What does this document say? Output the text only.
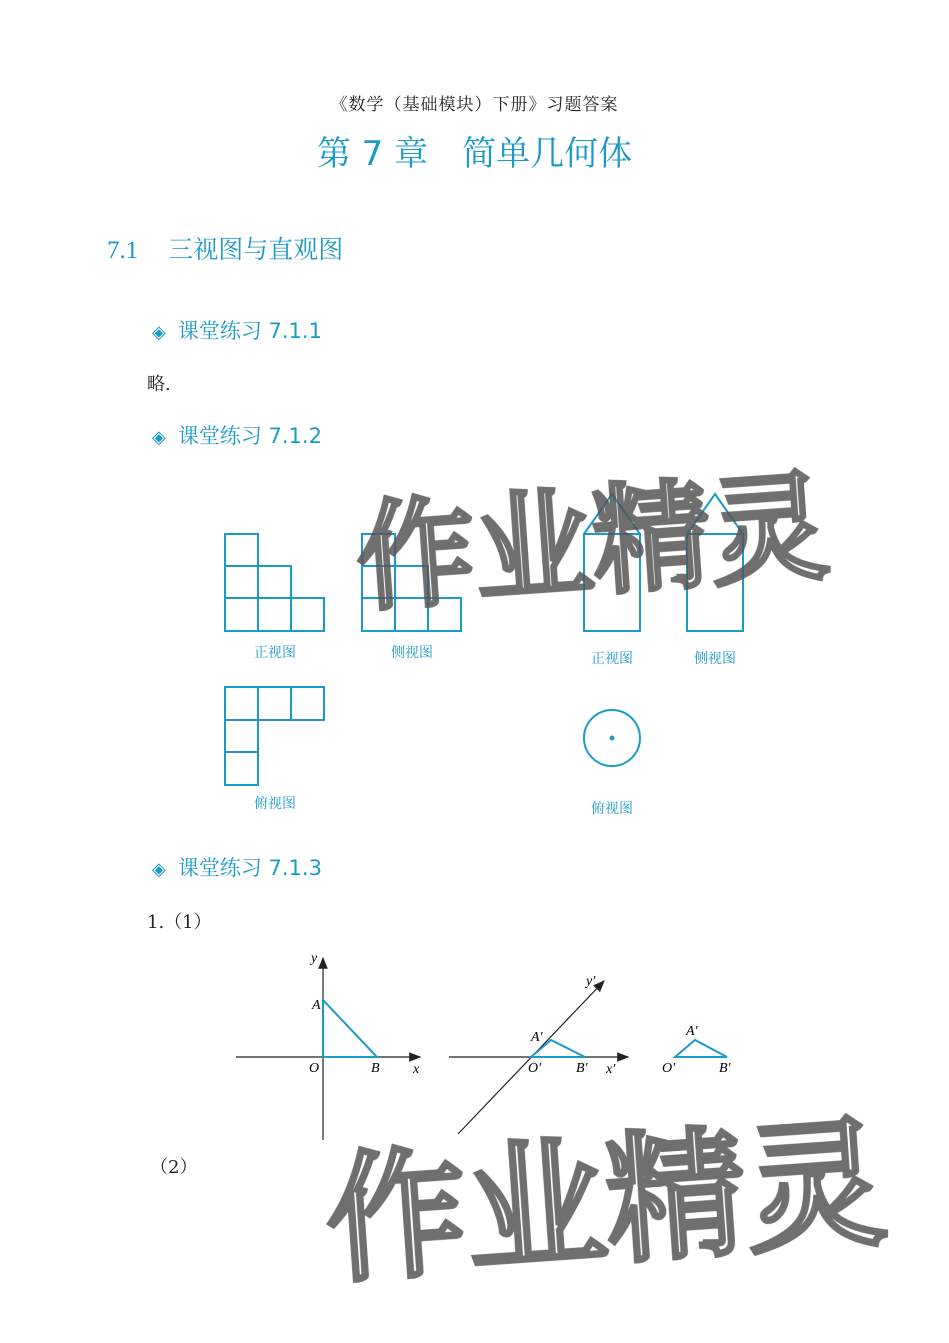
《数学（基础模块）下册》习题答案
第 7 章　简单几何体
7.1 三视图与直观图
◈ 课堂练习 7.1.1
略.
◈ 课堂练习 7.1.2
正视图	侧视图
俯视图
正视图	侧视图
俯视图
◈ 课堂练习 7.1.3
1.（1）
（2）
y
x
O
A
B
y′
x′
O′
A′
B′	O′
A′
B′
作业精灵
作业精灵
